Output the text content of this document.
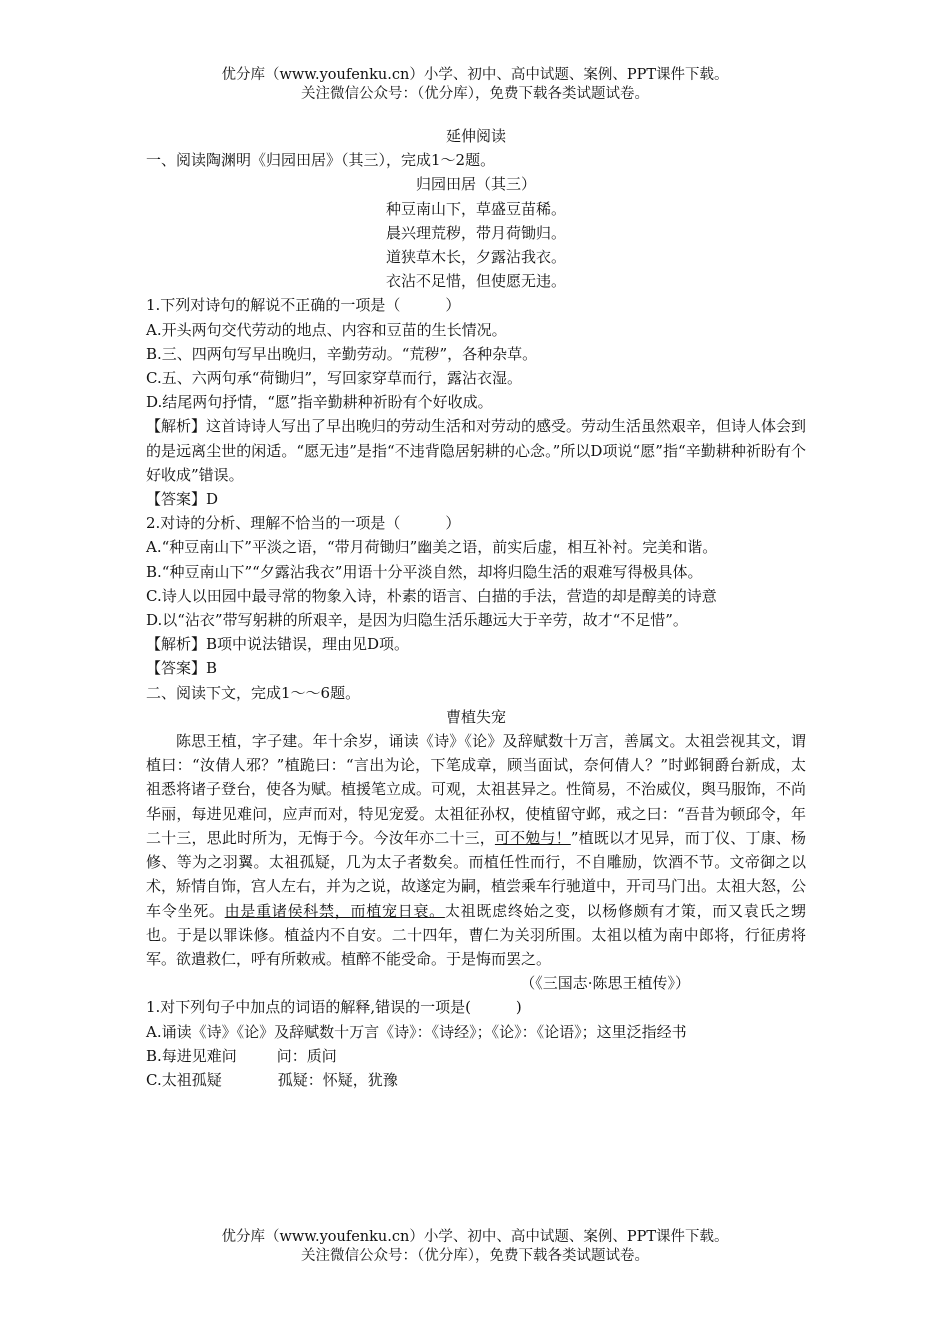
优分库（www.youfenku.cn）小学、初中、高中试题、案例、PPT课件下载。
关注微信公众号：（优分库），免费下载各类试题试卷。

延伸阅读

一、阅读陶渊明《归园田居》（其三），完成1～2题。

归园田居（其三）

种豆南山下，草盛豆苗稀。

晨兴理荒秽，带月荷锄归。

道狭草木长，夕露沾我衣。

衣沾不足惜，但使愿无违。

1.下列对诗句的解说不正确的一项是（　　　）

A.开头两句交代劳动的地点、内容和豆苗的生长情况。

B.三、四两句写早出晚归，辛勤劳动。“荒秽”，各种杂草。

C.五、六两句承“荷锄归”，写回家穿草而行，露沾衣湿。

D.结尾两句抒情，“愿”指辛勤耕种祈盼有个好收成。

【解析】这首诗诗人写出了早出晚归的劳动生活和对劳动的感受。劳动生活虽然艰辛，但诗人体会到的是远离尘世的闲适。“愿无违”是指“不违背隐居躬耕的心念。”所以D项说“愿”指“辛勤耕种祈盼有个好收成”错误。

【答案】D

2.对诗的分析、理解不恰当的一项是（　　　）

A.“种豆南山下”平淡之语，“带月荷锄归”幽美之语，前实后虚，相互补衬。完美和谐。

B.“种豆南山下”“夕露沾我衣”用语十分平淡自然，却将归隐生活的艰难写得极具体。

C.诗人以田园中最寻常的物象入诗，朴素的语言、白描的手法，营造的却是醇美的诗意

D.以“沾衣”带写躬耕的所艰辛，是因为归隐生活乐趣远大于辛劳，故才“不足惜”。

【解析】B项中说法错误，理由见D项。

【答案】B

二、阅读下文，完成1～～6题。

曹植失宠

陈思王植，字子建。年十余岁，诵读《诗》《论》及辞赋数十万言，善属文。太祖尝视其文，谓植曰：“汝倩人邪？”植跪曰：“言出为论，下笔成章，顾当面试，奈何倩人？”时邺铜爵台新成，太祖悉将诸子登台，使各为赋。植援笔立成。可观，太祖甚异之。性简易，不治威仪，舆马服饰，不尚华丽，每进见难问，应声而对，特见宠爱。太祖征孙权，使植留守邺，戒之曰：“吾昔为顿邱令，年二十三，思此时所为，无悔于今。今汝年亦二十三，可不勉与！”植既以才见异，而丁仪、丁康、杨修、等为之羽翼。太祖孤疑，几为太子者数矣。而植任性而行，不自雕励，饮酒不节。文帝御之以术，矫情自饰，宫人左右，并为之说，故遂定为嗣，植尝乘车行驰道中，开司马门出。太祖大怒，公车令坐死。由是重诸侯科禁，而植宠日衰。太祖既虑终始之变，以杨修颇有才策，而又袁氏之甥也。于是以罪诛修。植益内不自安。二十四年，曹仁为关羽所围。太祖以植为南中郎将，行征虏将军。欲遣救仁，呼有所敕戒。植醉不能受命。于是悔而罢之。

（《三国志·陈思王植传》）

1.对下列句子中加点的词语的解释,错误的一项是(　　　)

A.诵读《诗》《论》及辞赋数十万言《诗》：《诗经》；《论》：《论语》；这里泛指经书

B.每进见难问	问：质问

C.太祖孤疑	孤疑：怀疑，犹豫

优分库（www.youfenku.cn）小学、初中、高中试题、案例、PPT课件下载。
关注微信公众号：（优分库），免费下载各类试题试卷。
